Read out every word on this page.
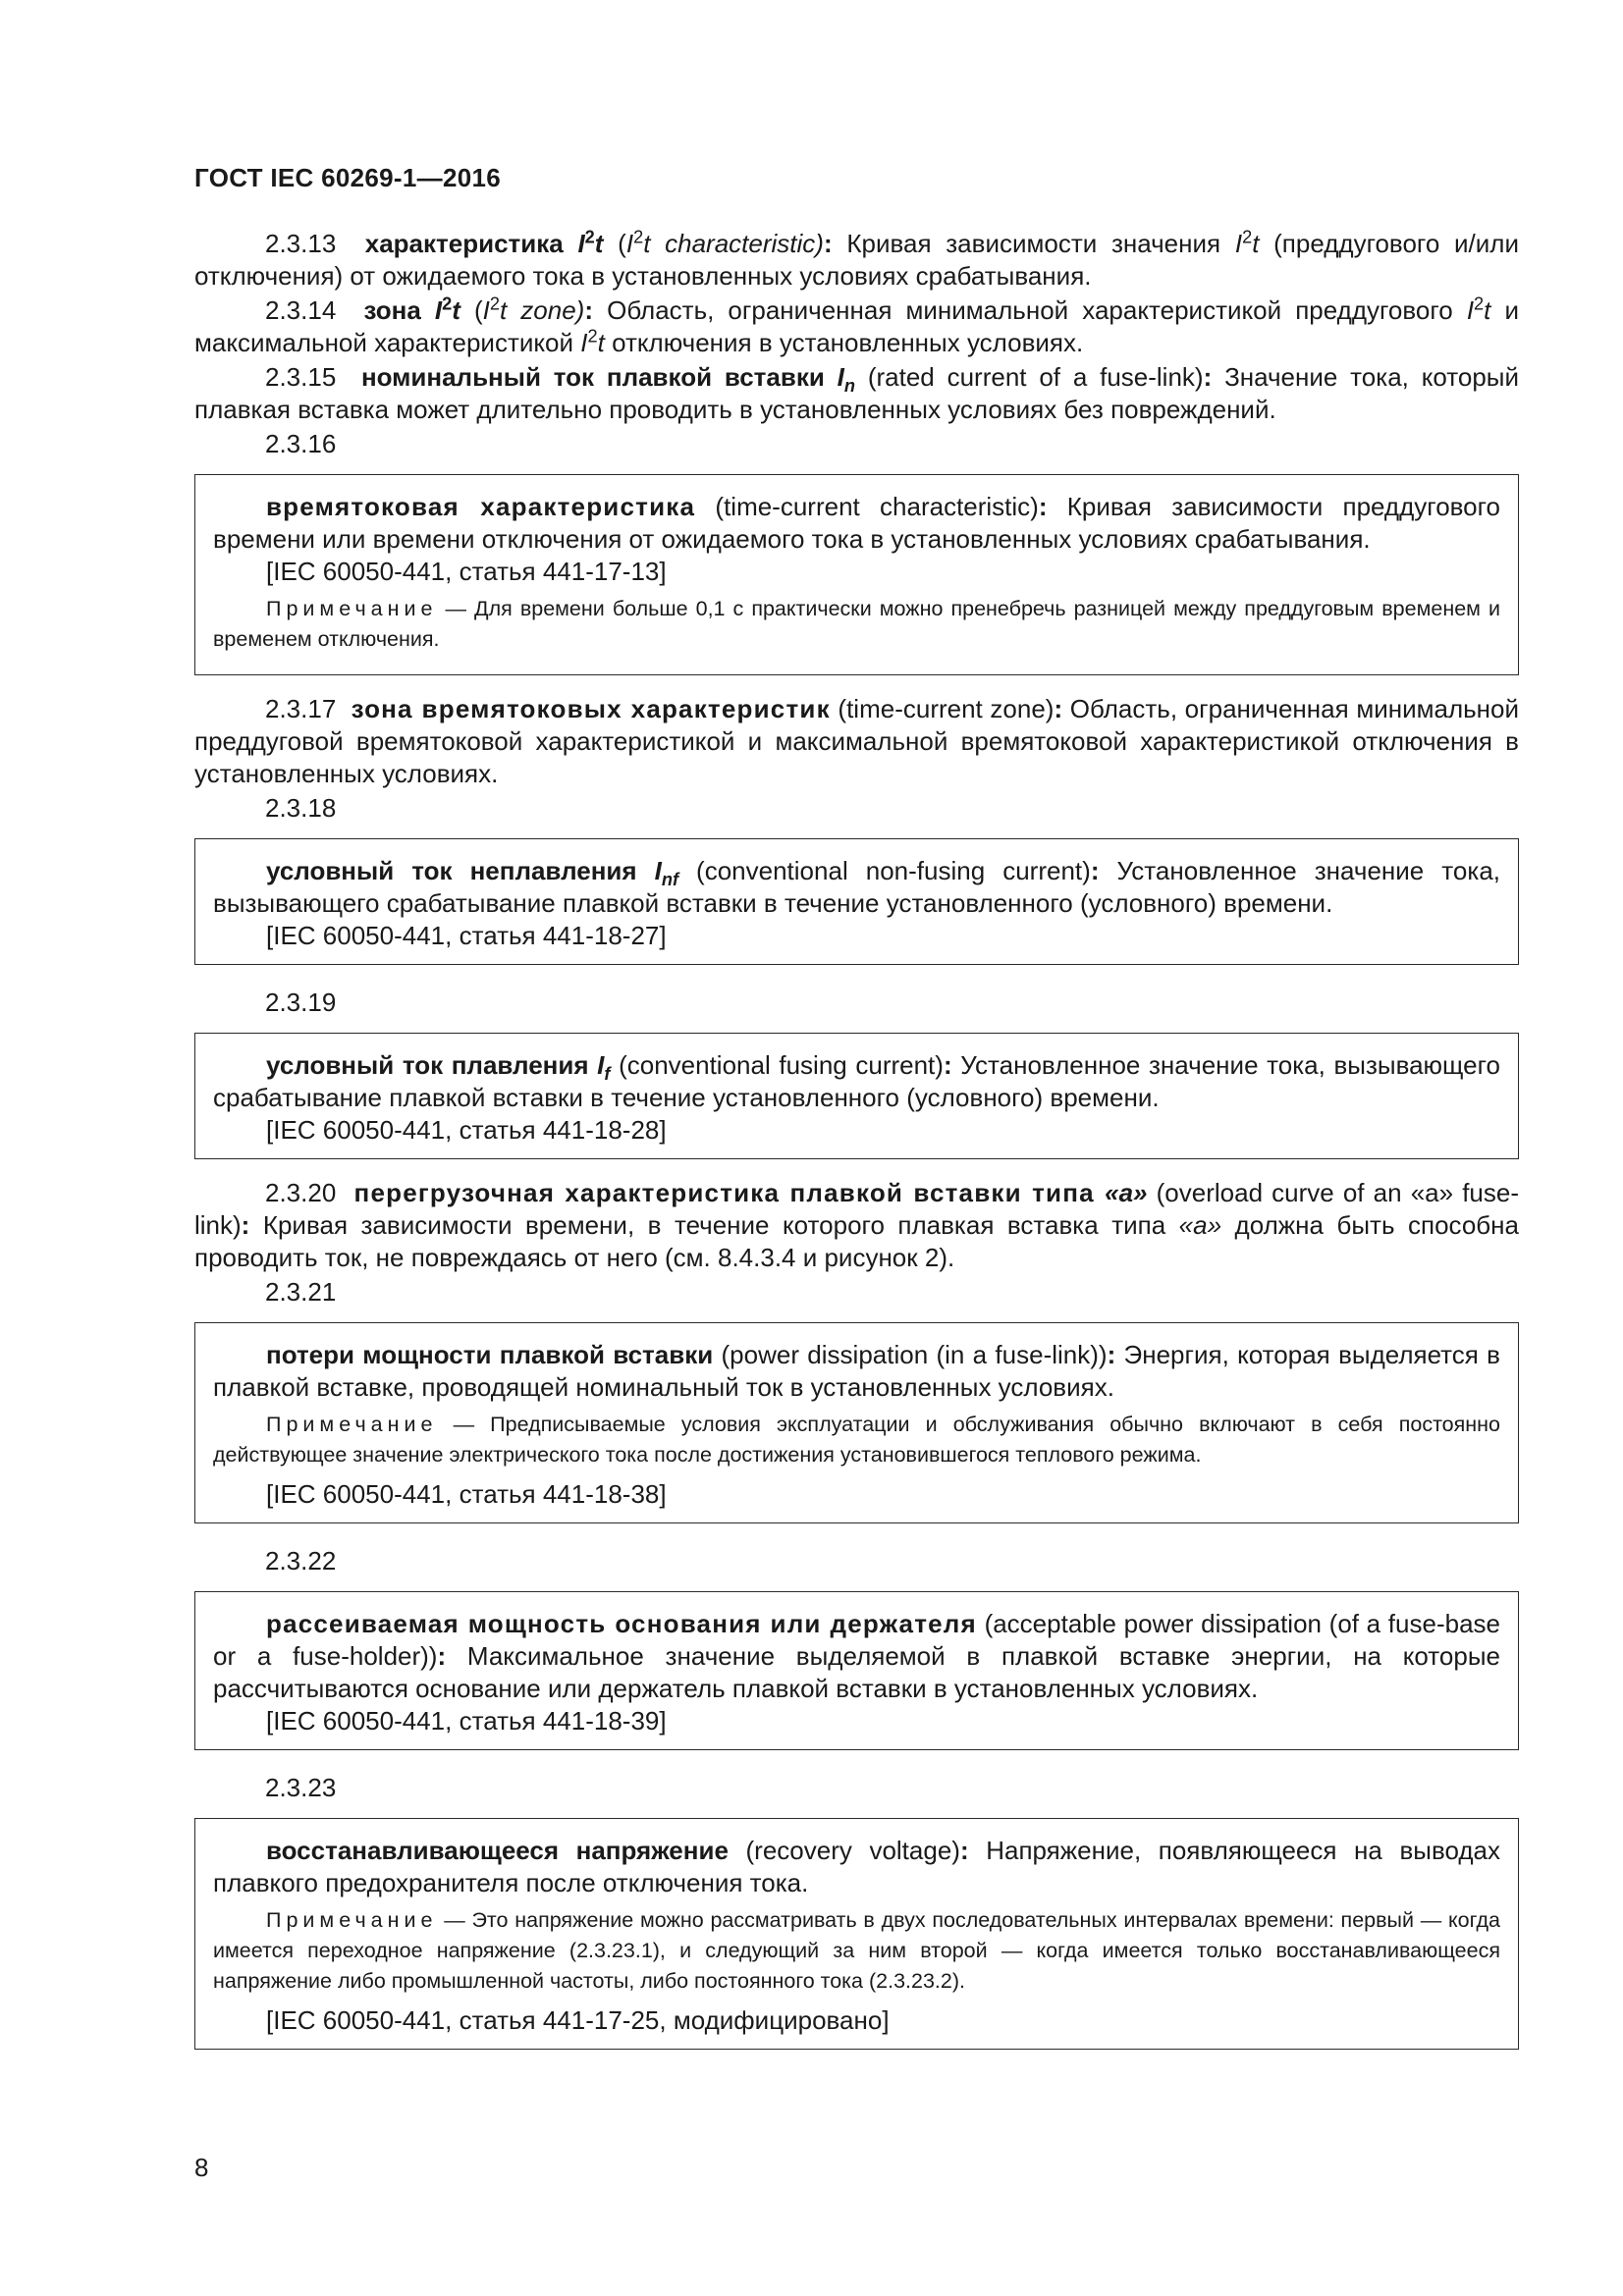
ГОСТ IEC 60269-1—2016

2.3.13 характеристика $I^2t$ ($I^2t$ characteristic): Кривая зависимости значения $I^2t$ (преддугового и/или отключения) от ожидаемого тока в установленных условиях срабатывания.

2.3.14 зона $I^2t$ ($I^2t$ zone): Область, ограниченная минимальной характеристикой преддугового $I^2t$ и максимальной характеристикой $I^2t$ отключения в установленных условиях.

2.3.15 номинальный ток плавкой вставки $I_n$ (rated current of a fuse-link): Значение тока, который плавкая вставка может длительно проводить в установленных условиях без повреждений.

2.3.16

времятоковая характеристика (time-current characteristic): Кривая зависимости преддугового времени или времени отключения от ожидаемого тока в установленных условиях срабатывания.

[IEC 60050-441, статья 441-17-13]

Примечание — Для времени больше 0,1 с практически можно пренебречь разницей между преддуговым временем и временем отключения.

2.3.17 зона времятоковых характеристик (time-current zone): Область, ограниченная минимальной преддуговой времятоковой характеристикой и максимальной времятоковой характеристикой отключения в установленных условиях.

2.3.18

условный ток неплавления $I_{nf}$ (conventional non-fusing current): Установленное значение тока, вызывающего срабатывание плавкой вставки в течение установленного (условного) времени.

[IEC 60050-441, статья 441-18-27]

2.3.19

условный ток плавления $I_f$ (conventional fusing current): Установленное значение тока, вызывающего срабатывание плавкой вставки в течение установленного (условного) времени.

[IEC 60050-441, статья 441-18-28]

2.3.20 перегрузочная характеристика плавкой вставки типа «a» (overload curve of an «a» fuse-link): Кривая зависимости времени, в течение которого плавкая вставка типа «a» должна быть способна проводить ток, не повреждаясь от него (см. 8.4.3.4 и рисунок 2).

2.3.21

потери мощности плавкой вставки (power dissipation (in a fuse-link)): Энергия, которая выделяется в плавкой вставке, проводящей номинальный ток в установленных условиях.

Примечание — Предписываемые условия эксплуатации и обслуживания обычно включают в себя постоянно действующее значение электрического тока после достижения установившегося теплового режима.

[IEC 60050-441, статья 441-18-38]

2.3.22

рассеиваемая мощность основания или держателя (acceptable power dissipation (of a fuse-base or a fuse-holder)): Максимальное значение выделяемой в плавкой вставке энергии, на которые рассчитываются основание или держатель плавкой вставки в установленных условиях.

[IEC 60050-441, статья 441-18-39]

2.3.23

восстанавливающееся напряжение (recovery voltage): Напряжение, появляющееся на выводах плавкого предохранителя после отключения тока.

Примечание — Это напряжение можно рассматривать в двух последовательных интервалах времени: первый — когда имеется переходное напряжение (2.3.23.1), и следующий за ним второй — когда имеется только восстанавливающееся напряжение либо промышленной частоты, либо постоянного тока (2.3.23.2).

[IEC 60050-441, статья 441-17-25, модифицировано]

8
